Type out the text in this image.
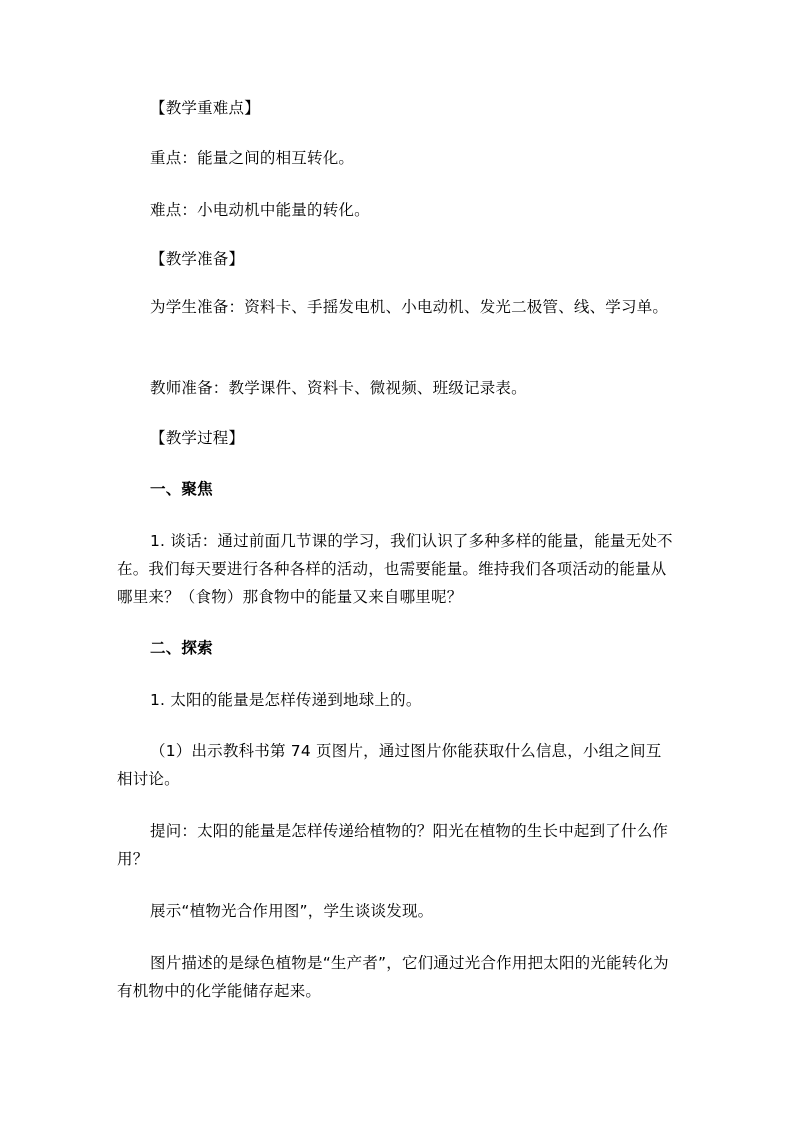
【教学重难点】

重点：能量之间的相互转化。

难点：小电动机中能量的转化。

【教学准备】

为学生准备：资料卡、手摇发电机、小电动机、发光二极管、线、学习单。

教师准备：教学课件、资料卡、微视频、班级记录表。

【教学过程】

一、聚焦

1. 谈话：通过前面几节课的学习，我们认识了多种多样的能量，能量无处不在。我们每天要进行各种各样的活动，也需要能量。维持我们各项活动的能量从哪里来？（食物）那食物中的能量又来自哪里呢？

二、探索

1. 太阳的能量是怎样传递到地球上的。

（1）出示教科书第 74 页图片，通过图片你能获取什么信息，小组之间互相讨论。

提问：太阳的能量是怎样传递给植物的？阳光在植物的生长中起到了什么作用？

展示“植物光合作用图”，学生谈谈发现。

图片描述的是绿色植物是“生产者”，它们通过光合作用把太阳的光能转化为有机物中的化学能储存起来。
